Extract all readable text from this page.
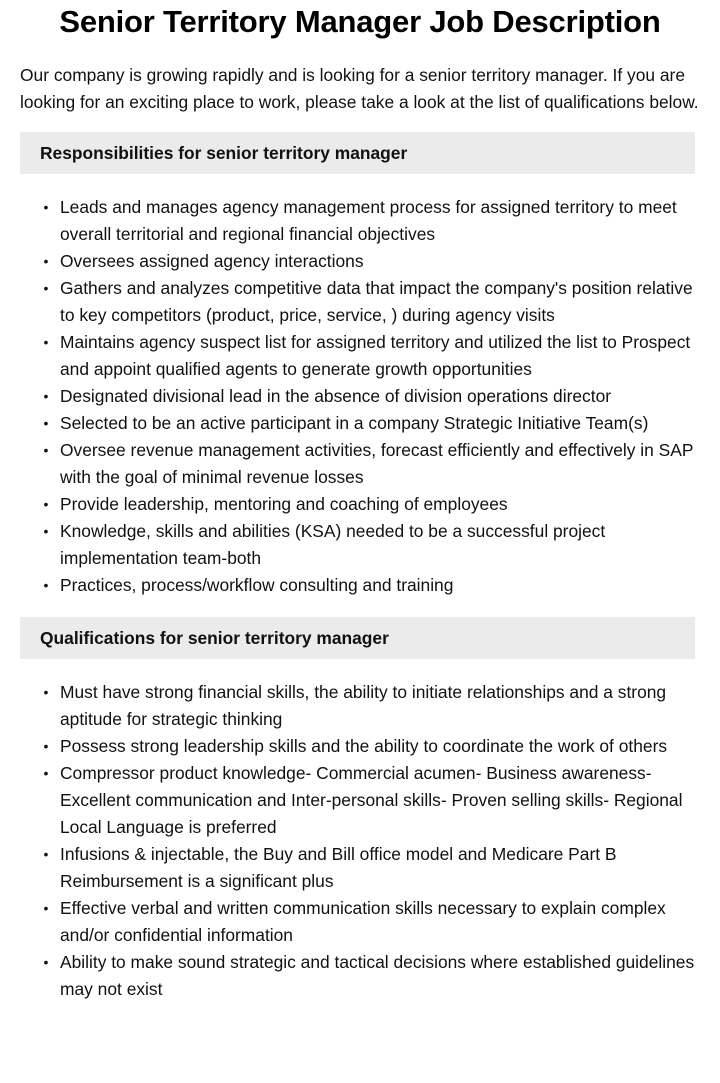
Senior Territory Manager Job Description

Our company is growing rapidly and is looking for a senior territory manager. If you are looking for an exciting place to work, please take a look at the list of qualifications below.

Responsibilities for senior territory manager
• Leads and manages agency management process for assigned territory to meet overall territorial and regional financial objectives
• Oversees assigned agency interactions
• Gathers and analyzes competitive data that impact the company's position relative to key competitors (product, price, service, ) during agency visits
• Maintains agency suspect list for assigned territory and utilized the list to Prospect and appoint qualified agents to generate growth opportunities
• Designated divisional lead in the absence of division operations director
• Selected to be an active participant in a company Strategic Initiative Team(s)
• Oversee revenue management activities, forecast efficiently and effectively in SAP with the goal of minimal revenue losses
• Provide leadership, mentoring and coaching of employees
• Knowledge, skills and abilities (KSA) needed to be a successful project implementation team-both
• Practices, process/workflow consulting and training
Qualifications for senior territory manager
• Must have strong financial skills, the ability to initiate relationships and a strong aptitude for strategic thinking
• Possess strong leadership skills and the ability to coordinate the work of others
• Compressor product knowledge- Commercial acumen- Business awareness- Excellent communication and Inter-personal skills- Proven selling skills- Regional Local Language is preferred
• Infusions & injectable, the Buy and Bill office model and Medicare Part B Reimbursement is a significant plus
• Effective verbal and written communication skills necessary to explain complex and/or confidential information
• Ability to make sound strategic and tactical decisions where established guidelines may not exist
